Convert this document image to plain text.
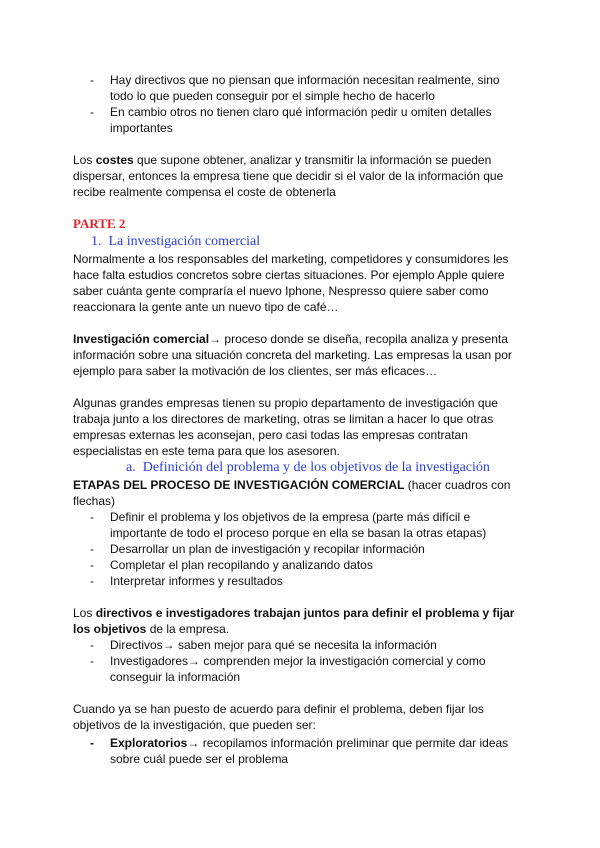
- Hay directivos que no piensan que información necesitan realmente, sino
todo lo que pueden conseguir por el simple hecho de hacerlo
- En cambio otros no tienen claro qué información pedir u omiten detalles
importantes
Los costes que supone obtener, analizar y transmitir la información se pueden
dispersar, entonces la empresa tiene que decidir si el valor de la información que
recibe realmente compensa el coste de obtenerla
PARTE 2
1. La investigación comercial
Normalmente a los responsables del marketing, competidores y consumidores les
hace falta estudios concretos sobre ciertas situaciones. Por ejemplo Apple quiere
saber cuánta gente compraría el nuevo Iphone, Nespresso quiere saber como
reaccionara la gente ante un nuevo tipo de café…
Investigación comercial→ proceso donde se diseña, recopila analiza y presenta
información sobre una situación concreta del marketing. Las empresas la usan por
ejemplo para saber la motivación de los clientes, ser más eficaces…
Algunas grandes empresas tienen su propio departamento de investigación que
trabaja junto a los directores de marketing, otras se limitan a hacer lo que otras
empresas externas les aconsejan, pero casi todas las empresas contratan
especialistas en este tema para que los asesoren.
a. Definición del problema y de los objetivos de la investigación
ETAPAS DEL PROCESO DE INVESTIGACIÓN COMERCIAL (hacer cuadros con
flechas)
- Definir el problema y los objetivos de la empresa (parte más difícil e
importante de todo el proceso porque en ella se basan la otras etapas)
- Desarrollar un plan de investigación y recopilar información
- Completar el plan recopilando y analizando datos
- Interpretar informes y resultados
Los directivos e investigadores trabajan juntos para definir el problema y fijar
los objetivos de la empresa.
- Directivos→ saben mejor para qué se necesita la información
- Investigadores→ comprenden mejor la investigación comercial y como
conseguir la información
Cuando ya se han puesto de acuerdo para definir el problema, deben fijar los
objetivos de la investigación, que pueden ser:
- Exploratorios→ recopilamos información preliminar que permite dar ideas
sobre cuál puede ser el problema
